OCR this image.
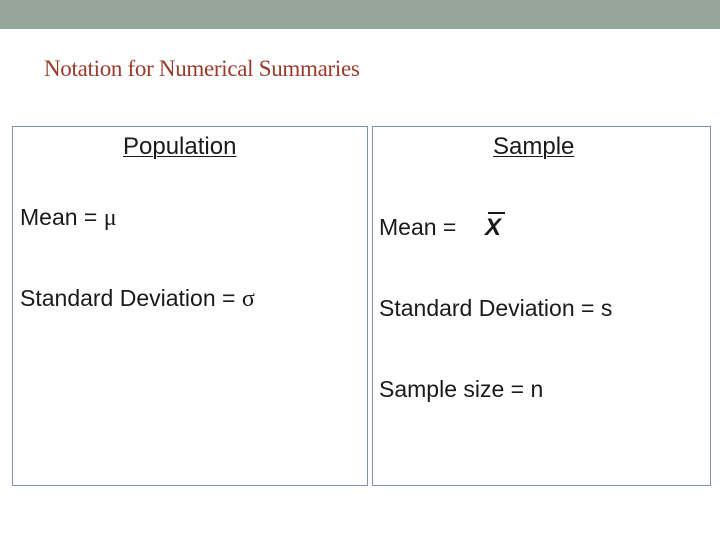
Notation for Numerical Summaries
Population	Sample
Mean = μ
Standard Deviation = σ
Mean = X
Standard Deviation = s
Sample size = n
